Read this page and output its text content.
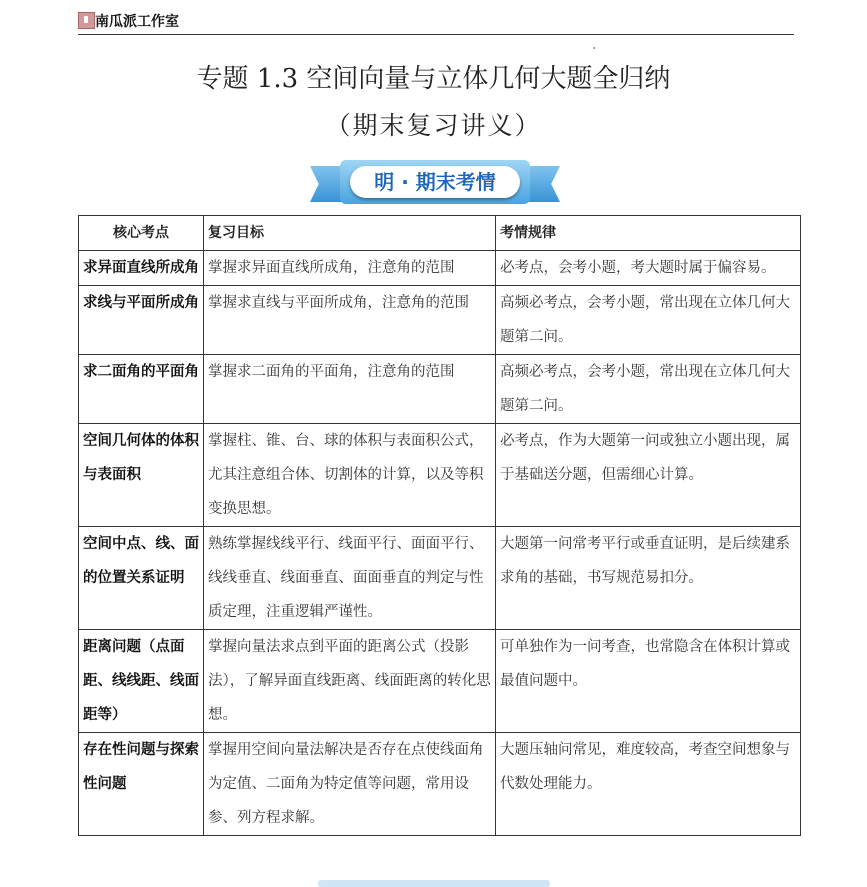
南瓜派工作室
专题 1.3 空间向量与立体几何大题全归纳
（期末复习讲义）
明 · 期末考情
核心考点	复习目标	考情规律
求异面直线所成角	掌握求异面直线所成角，注意角的范围	必考点，会考小题，考大题时属于偏容易。
求线与平面所成角	掌握求直线与平面所成角，注意角的范围	高频必考点，会考小题，常出现在立体几何大题第二问。
求二面角的平面角	掌握求二面角的平面角，注意角的范围	高频必考点，会考小题，常出现在立体几何大题第二问。
空间几何体的体积与表面积	掌握柱、锥、台、球的体积与表面积公式，尤其注意组合体、切割体的计算，以及等积变换思想。	必考点，作为大题第一问或独立小题出现，属于基础送分题，但需细心计算。
空间中点、线、面的位置关系证明	熟练掌握线线平行、线面平行、面面平行、线线垂直、线面垂直、面面垂直的判定与性质定理，注重逻辑严谨性。	大题第一问常考平行或垂直证明，是后续建系求角的基础，书写规范易扣分。
距离问题（点面距、线线距、线面距等）	掌握向量法求点到平面的距离公式（投影法），了解异面直线距离、线面距离的转化思想。	可单独作为一问考查，也常隐含在体积计算或最值问题中。
存在性问题与探索性问题	掌握用空间向量法解决是否存在点使线面角为定值、二面角为特定值等问题，常用设参、列方程求解。	大题压轴问常见，难度较高，考查空间想象与代数处理能力。
